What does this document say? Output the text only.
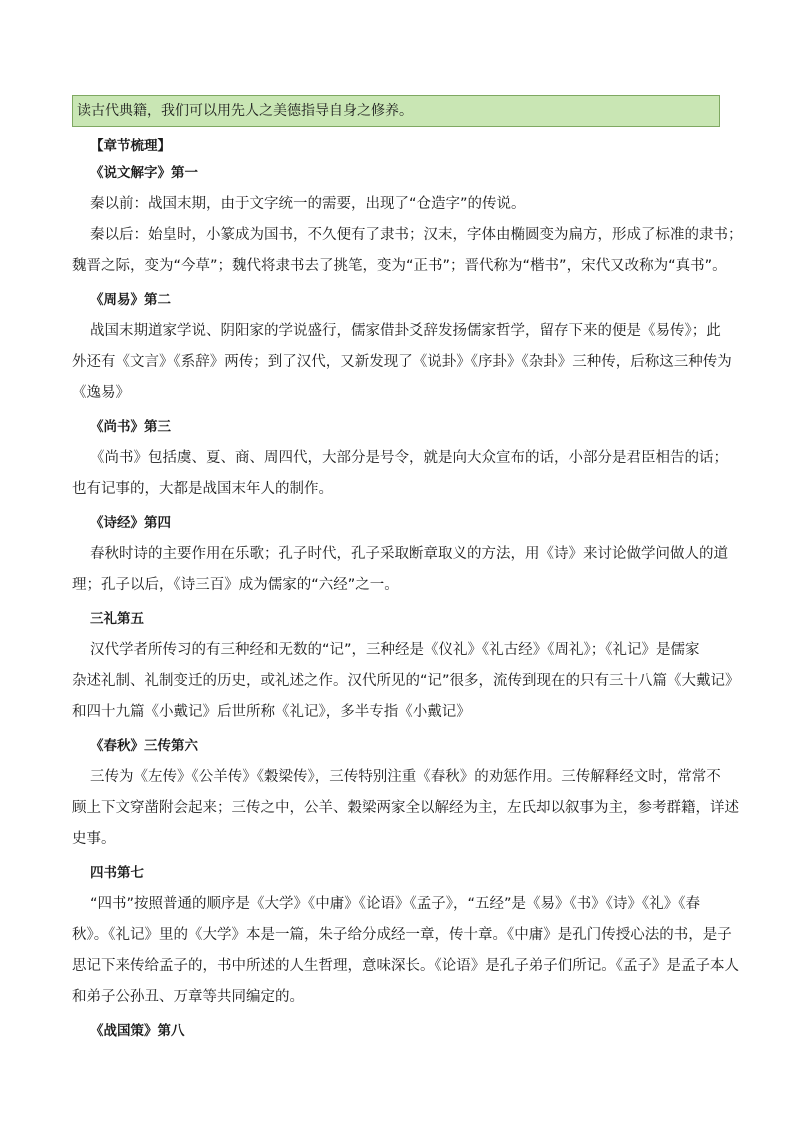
读古代典籍，我们可以用先人之美德指导自身之修养。
【章节梳理】
《说文解字》第一
秦以前：战国末期，由于文字统一的需要，出现了“仓造字”的传说。
秦以后：始皇时，小篆成为国书，不久便有了隶书；汉末，字体由椭圆变为扁方，形成了标准的隶书；
魏晋之际，变为“今草”；魏代将隶书去了挑笔，变为“正书”；晋代称为“楷书”，宋代又改称为“真书”。
《周易》第二
战国末期道家学说、阴阳家的学说盛行，儒家借卦爻辞发扬儒家哲学，留存下来的便是《易传》；此
外还有《文言》《系辞》两传；到了汉代，又新发现了《说卦》《序卦》《杂卦》三种传，后称这三种传为
《逸易》
《尚书》第三
《尚书》包括虞、夏、商、周四代，大部分是号令，就是向大众宣布的话，小部分是君臣相告的话；
也有记事的，大都是战国末年人的制作。
《诗经》第四
春秋时诗的主要作用在乐歌；孔子时代，孔子采取断章取义的方法，用《诗》来讨论做学问做人的道
理；孔子以后，《诗三百》成为儒家的“六经”之一。
三礼第五
汉代学者所传习的有三种经和无数的“记”，三种经是《仪礼》《礼古经》《周礼》；《礼记》是儒家
杂述礼制、礼制变迁的历史，或礼述之作。汉代所见的“记”很多，流传到现在的只有三十八篇《大戴记》
和四十九篇《小戴记》后世所称《礼记》，多半专指《小戴记》
《春秋》三传第六
三传为《左传》《公羊传》《穀梁传》，三传特别注重《春秋》的劝惩作用。三传解释经文时，常常不
顾上下文穿凿附会起来；三传之中，公羊、穀梁两家全以解经为主，左氏却以叙事为主，参考群籍，详述
史事。
四书第七
“四书”按照普通的顺序是《大学》《中庸》《论语》《孟子》，“五经”是《易》《书》《诗》《礼》《春
秋》。《礼记》里的《大学》本是一篇，朱子给分成经一章，传十章。《中庸》是孔门传授心法的书，是子
思记下来传给孟子的，书中所述的人生哲理，意味深长。《论语》是孔子弟子们所记。《孟子》是孟子本人
和弟子公孙丑、万章等共同编定的。
《战国策》第八
